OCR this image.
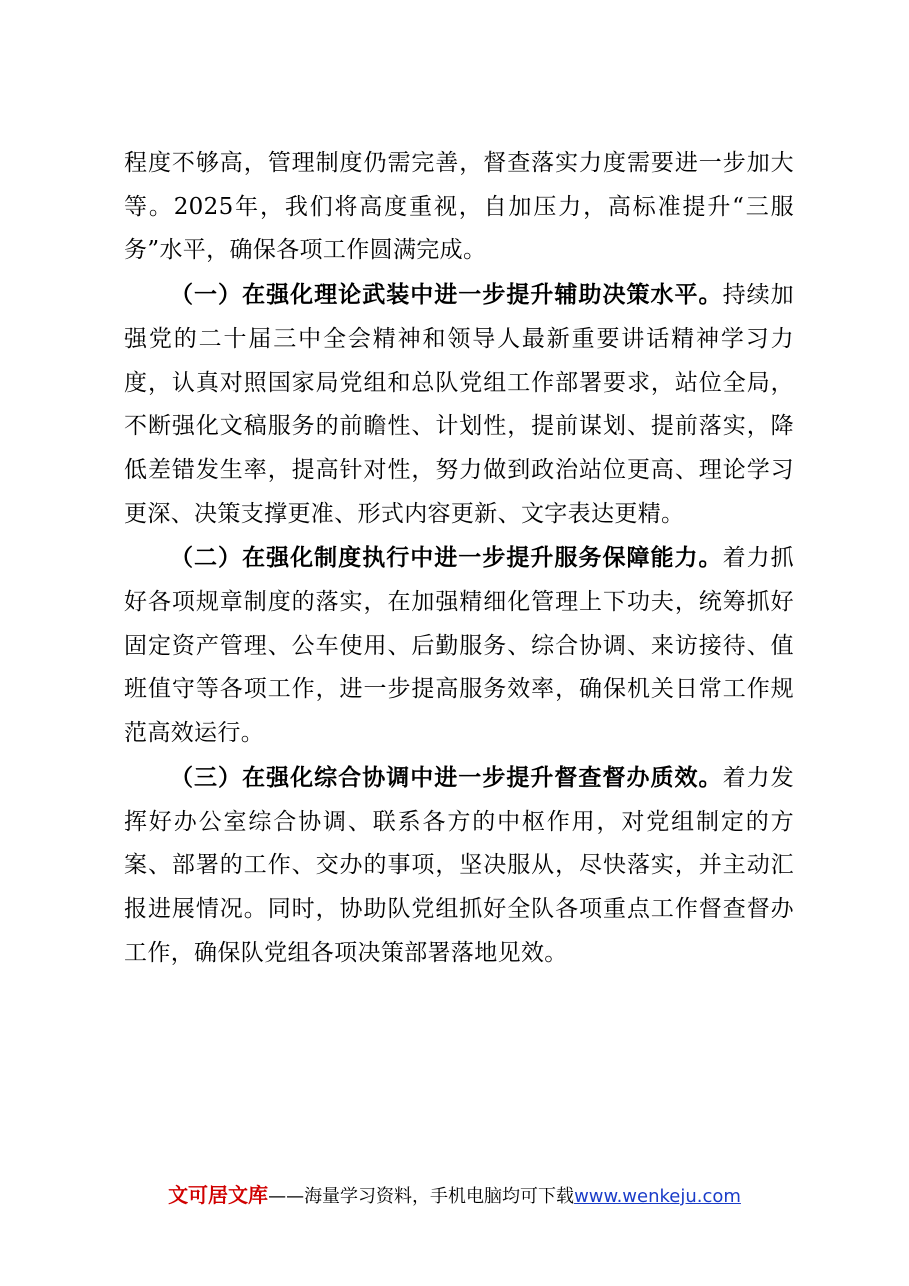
程度不够高，管理制度仍需完善，督查落实力度需要进一步加大等。2025年，我们将高度重视，自加压力，高标准提升“三服务”水平，确保各项工作圆满完成。

（一）在强化理论武装中进一步提升辅助决策水平。持续加强党的二十届三中全会精神和领导人最新重要讲话精神学习力度，认真对照国家局党组和总队党组工作部署要求，站位全局，不断强化文稿服务的前瞻性、计划性，提前谋划、提前落实，降低差错发生率，提高针对性，努力做到政治站位更高、理论学习更深、决策支撑更准、形式内容更新、文字表达更精。

（二）在强化制度执行中进一步提升服务保障能力。着力抓好各项规章制度的落实，在加强精细化管理上下功夫，统筹抓好固定资产管理、公车使用、后勤服务、综合协调、来访接待、值班值守等各项工作，进一步提高服务效率，确保机关日常工作规范高效运行。

（三）在强化综合协调中进一步提升督查督办质效。着力发挥好办公室综合协调、联系各方的中枢作用，对党组制定的方案、部署的工作、交办的事项，坚决服从，尽快落实，并主动汇报进展情况。同时，协助队党组抓好全队各项重点工作督查督办工作，确保队党组各项决策部署落地见效。

文可居文库——海量学习资料，手机电脑均可下载www.wenkeju.com
